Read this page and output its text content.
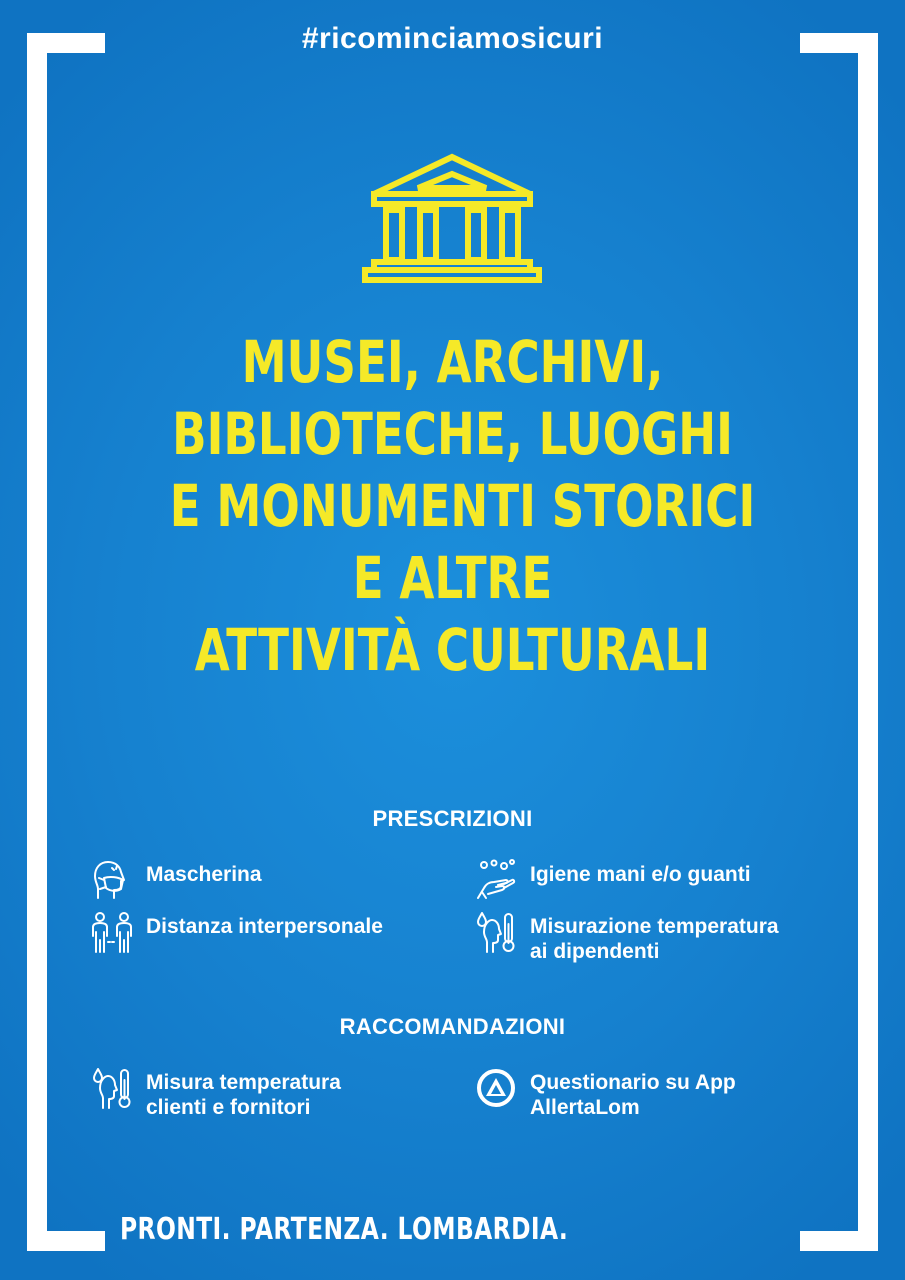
#ricominciamosicuri
MUSEI, ARCHIVI,
BIBLIOTECHE, LUOGHI
E MONUMENTI STORICI
E ALTRE
ATTIVITÀ CULTURALI
PRESCRIZIONI
Mascherina	Igiene mani e/o guanti
Distanza interpersonale	Misurazione temperatura
ai dipendenti
RACCOMANDAZIONI
Misura temperatura
clienti e fornitori
Questionario su App
AllertaLom
PRONTI. PARTENZA. LOMBARDIA.
